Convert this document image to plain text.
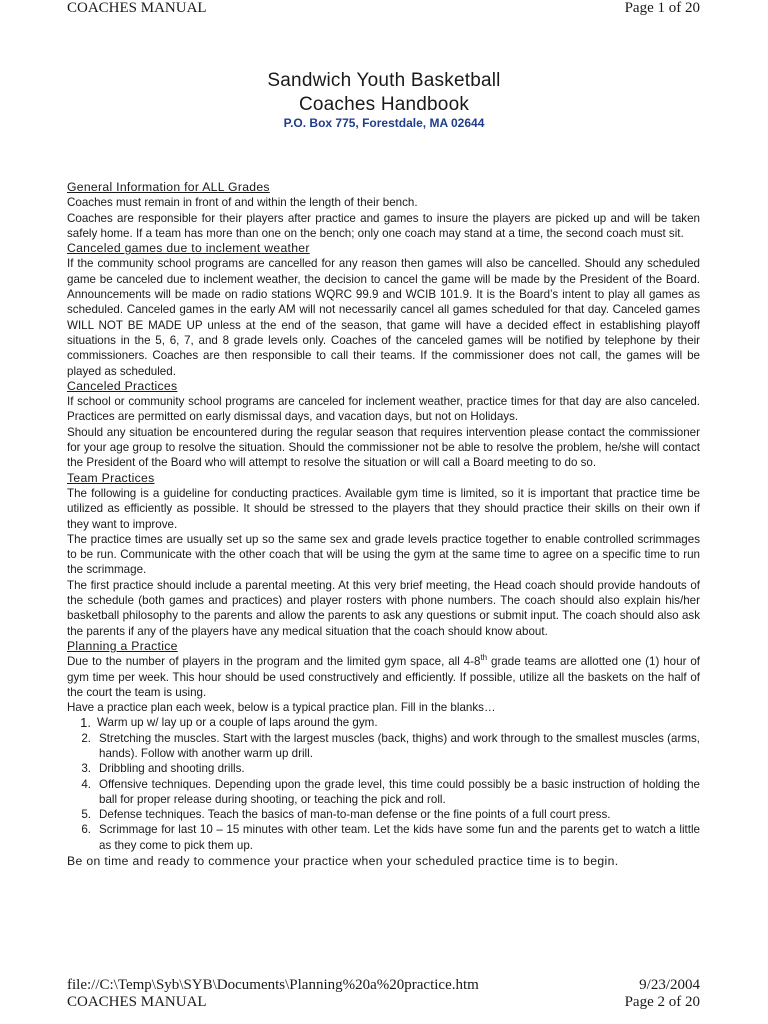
COACHES MANUAL	Page 1 of 20
Sandwich Youth Basketball
Coaches Handbook
P.O. Box 775, Forestdale, MA 02644

General Information for ALL Grades

Coaches must remain in front of and within the length of their bench.

Coaches are responsible for their players after practice and games to insure the players are picked up and will be taken safely home. If a team has more than one on the bench; only one coach may stand at a time, the second coach must sit.

Canceled games due to inclement weather

If the community school programs are cancelled for any reason then games will also be cancelled. Should any scheduled game be canceled due to inclement weather, the decision to cancel the game will be made by the President of the Board. Announcements will be made on radio stations WQRC 99.9 and WCIB 101.9. It is the Board’s intent to play all games as scheduled. Canceled games in the early AM will not necessarily cancel all games scheduled for that day. Canceled games WILL NOT BE MADE UP unless at the end of the season, that game will have a decided effect in establishing playoff situations in the 5, 6, 7, and 8 grade levels only. Coaches of the canceled games will be notified by telephone by their commissioners. Coaches are then responsible to call their teams. If the commissioner does not call, the games will be played as scheduled.

Canceled Practices

If school or community school programs are canceled for inclement weather, practice times for that day are also canceled. Practices are permitted on early dismissal days, and vacation days, but not on Holidays.

Should any situation be encountered during the regular season that requires intervention please contact the commissioner for your age group to resolve the situation. Should the commissioner not be able to resolve the problem, he/she will contact the President of the Board who will attempt to resolve the situation or will call a Board meeting to do so.

Team Practices

The following is a guideline for conducting practices. Available gym time is limited, so it is important that practice time be utilized as efficiently as possible. It should be stressed to the players that they should practice their skills on their own if they want to improve.

The practice times are usually set up so the same sex and grade levels practice together to enable controlled scrimmages to be run. Communicate with the other coach that will be using the gym at the same time to agree on a specific time to run the scrimmage.

The first practice should include a parental meeting. At this very brief meeting, the Head coach should provide handouts of the schedule (both games and practices) and player rosters with phone numbers. The coach should also explain his/her basketball philosophy to the parents and allow the parents to ask any questions or submit input. The coach should also ask the parents if any of the players have any medical situation that the coach should know about.

Planning a Practice

Due to the number of players in the program and the limited gym space, all 4-8th grade teams are allotted one (1) hour of gym time per week. This hour should be used constructively and efficiently. If possible, utilize all the baskets on the half of the court the team is using.

Have a practice plan each week, below is a typical practice plan. Fill in the blanks…

1. Warm up w/ lay up or a couple of laps around the gym.
2. Stretching the muscles. Start with the largest muscles (back, thighs) and work through to the smallest muscles (arms, hands). Follow with another warm up drill.
3. Dribbling and shooting drills.
4. Offensive techniques. Depending upon the grade level, this time could possibly be a basic instruction of holding the ball for proper release during shooting, or teaching the pick and roll.
5. Defense techniques. Teach the basics of man-to-man defense or the fine points of a full court press.
6. Scrimmage for last 10 – 15 minutes with other team. Let the kids have some fun and the parents get to watch a little as they come to pick them up.

Be on time and ready to commence your practice when your scheduled practice time is to begin.

file://C:\Temp\Syb\SYB\Documents\Planning%20a%20practice.htm	9/23/2004
COACHES MANUAL	Page 2 of 20
